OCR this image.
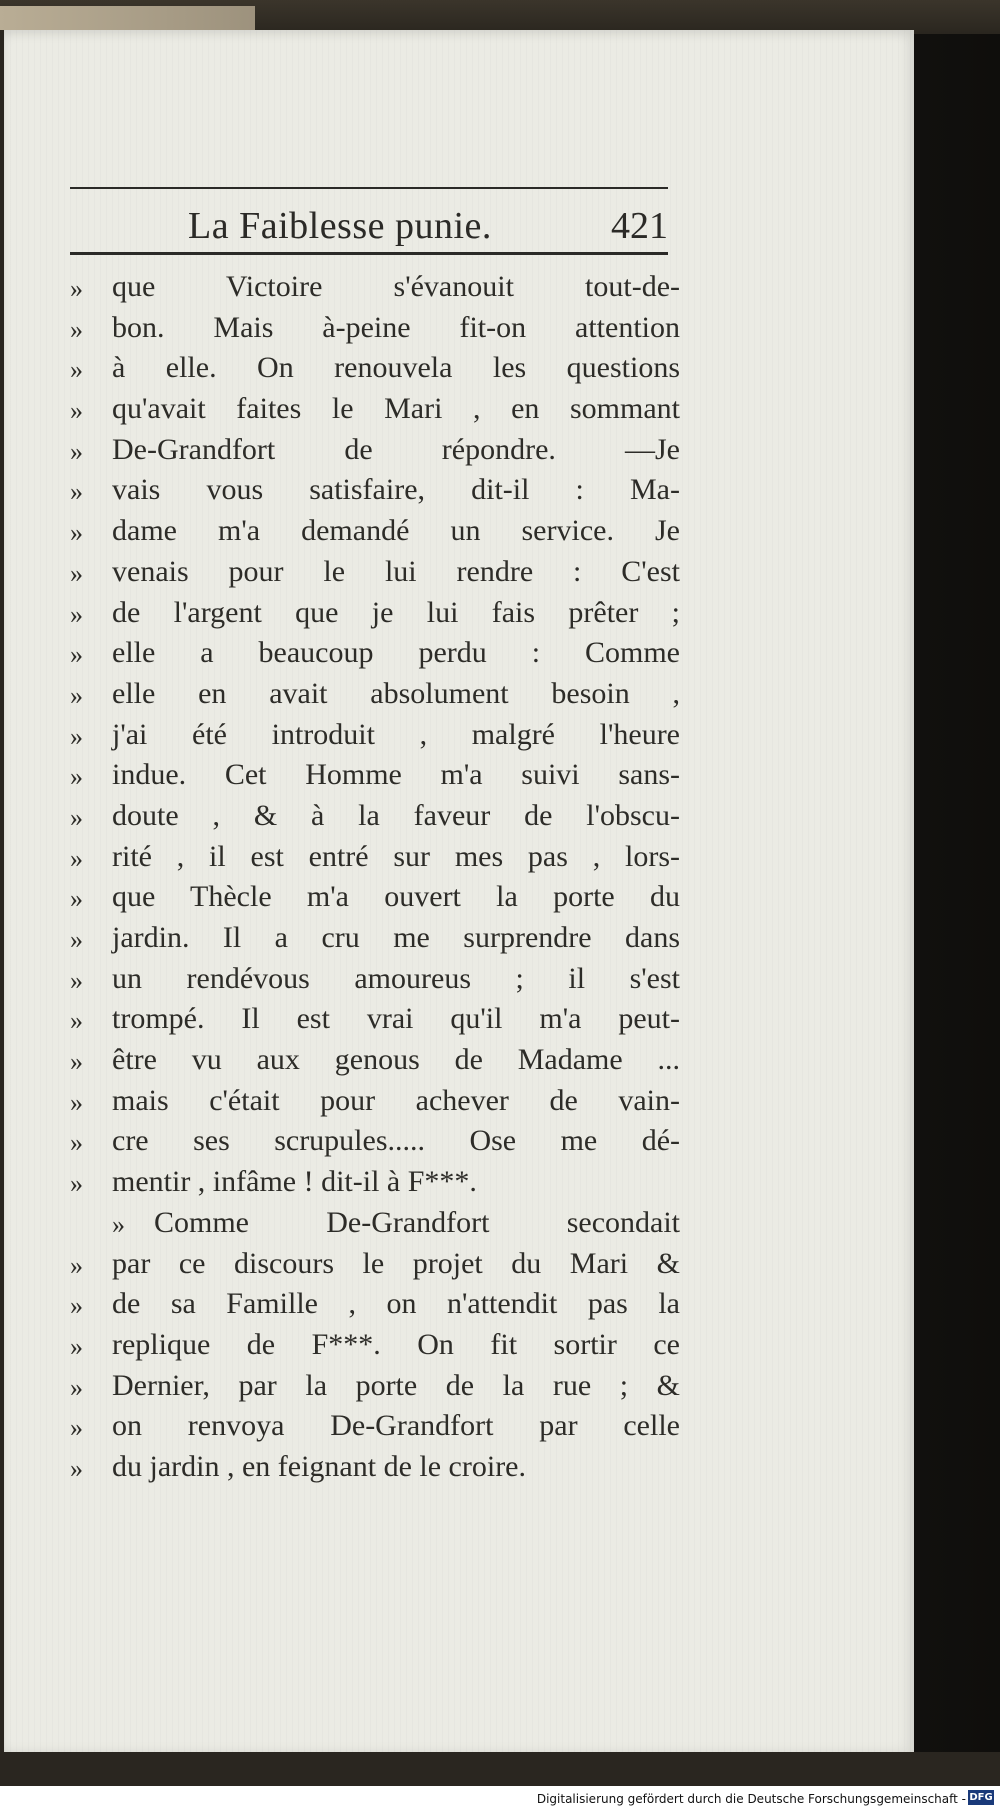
La Faiblesse punie.	421
» que Victoire s'évanouit tout-de-
» bon. Mais à-peine fit-on attention
» à elle. On renouvela les questions
» qu'avait faites le Mari , en sommant
» De-Grandfort de répondre. —Je
» vais vous satisfaire, dit-il : Ma-
» dame m'a demandé un service. Je
» venais pour le lui rendre : C'est
» de l'argent que je lui fais prêter ;
» elle a beaucoup perdu : Comme
» elle en avait absolument besoin ,
» j'ai été introduit , malgré l'heure
» indue. Cet Homme m'a suivi sans-
» doute , & à la faveur de l'obscu-
» rité , il est entré sur mes pas , lors-
» que Thècle m'a ouvert la porte du
» jardin. Il a cru me surprendre dans
» un rendévous amoureus ; il s'est
» trompé. Il est vrai qu'il m'a peut-
» être vu aux genous de Madame ...
» mais c'était pour achever de vain-
» cre ses scrupules..... Ose me dé-
» mentir , infâme ! dit-il à F***.
» Comme De-Grandfort secondait
» par ce discours le projet du Mari &
» de sa Famille , on n'attendit pas la
» replique de F***. On fit sortir ce
» Dernier, par la porte de la rue ; &
» on renvoya De-Grandfort par celle
» du jardin , en feignant de le croire.
Digitalisierung gefördert durch die Deutsche Forschungsgemeinschaft - DFG
